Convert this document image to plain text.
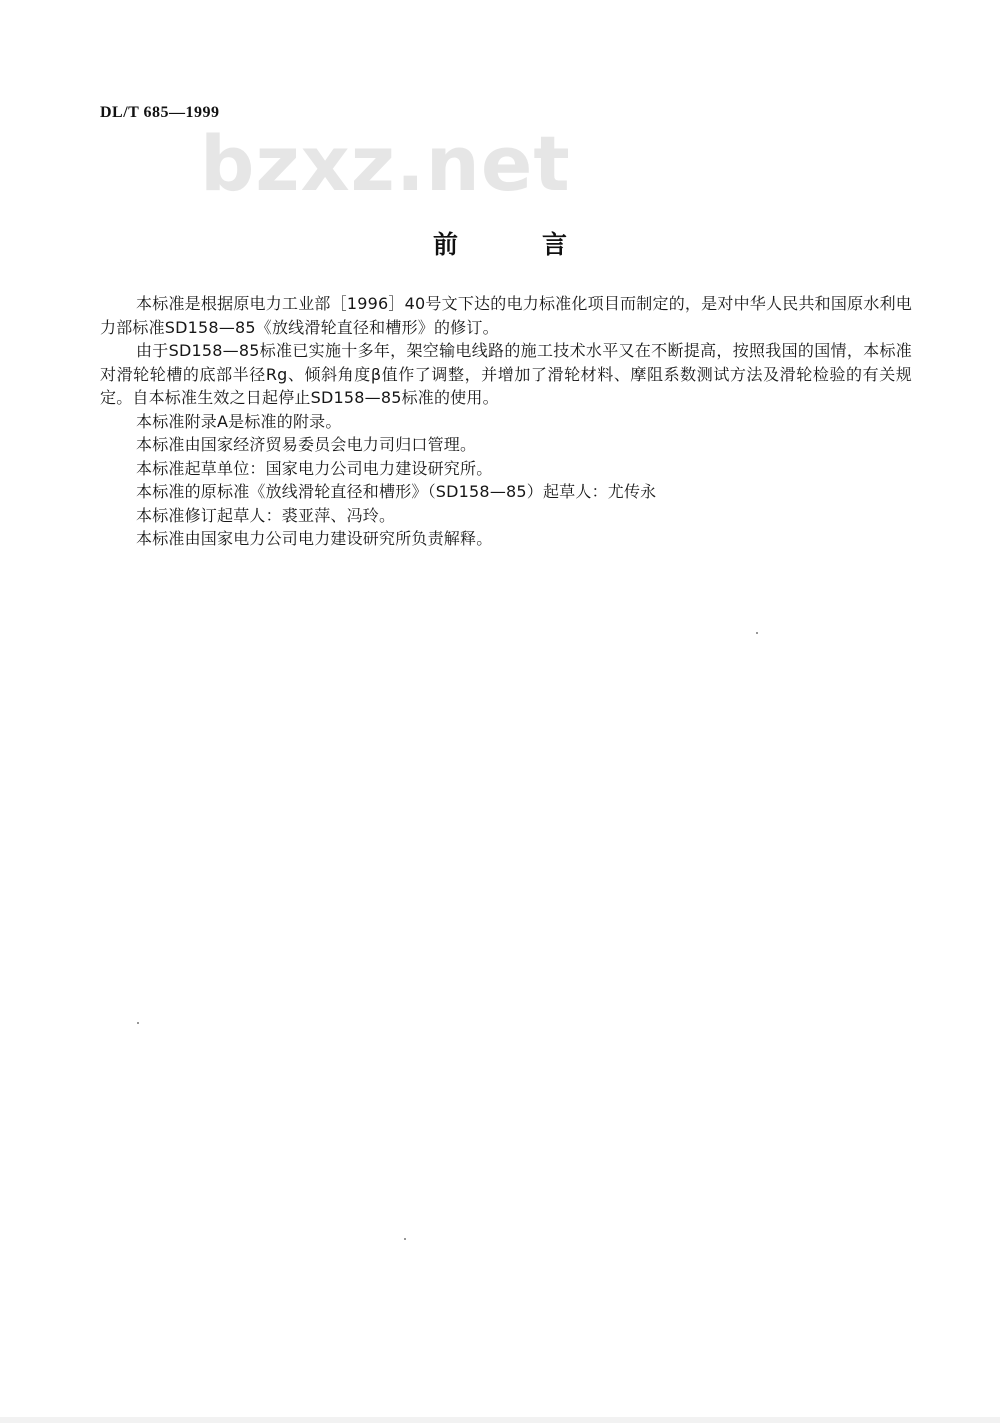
DL/T 685—1999
bzxz.net
前言

本标准是根据原电力工业部［1996］40号文下达的电力标准化项目而制定的，是对中华人民共和国原水利电力部标准SD158—85《放线滑轮直径和槽形》的修订。

由于SD158—85标准已实施十多年，架空输电线路的施工技术水平又在不断提高，按照我国的国情，本标准对滑轮轮槽的底部半径Rg、倾斜角度β值作了调整，并增加了滑轮材料、摩阻系数测试方法及滑轮检验的有关规定。自本标准生效之日起停止SD158—85标准的使用。

本标准附录A是标准的附录。

本标准由国家经济贸易委员会电力司归口管理。

本标准起草单位：国家电力公司电力建设研究所。

本标准的原标准《放线滑轮直径和槽形》（SD158—85）起草人：尤传永

本标准修订起草人：裘亚萍、冯玲。

本标准由国家电力公司电力建设研究所负责解释。
